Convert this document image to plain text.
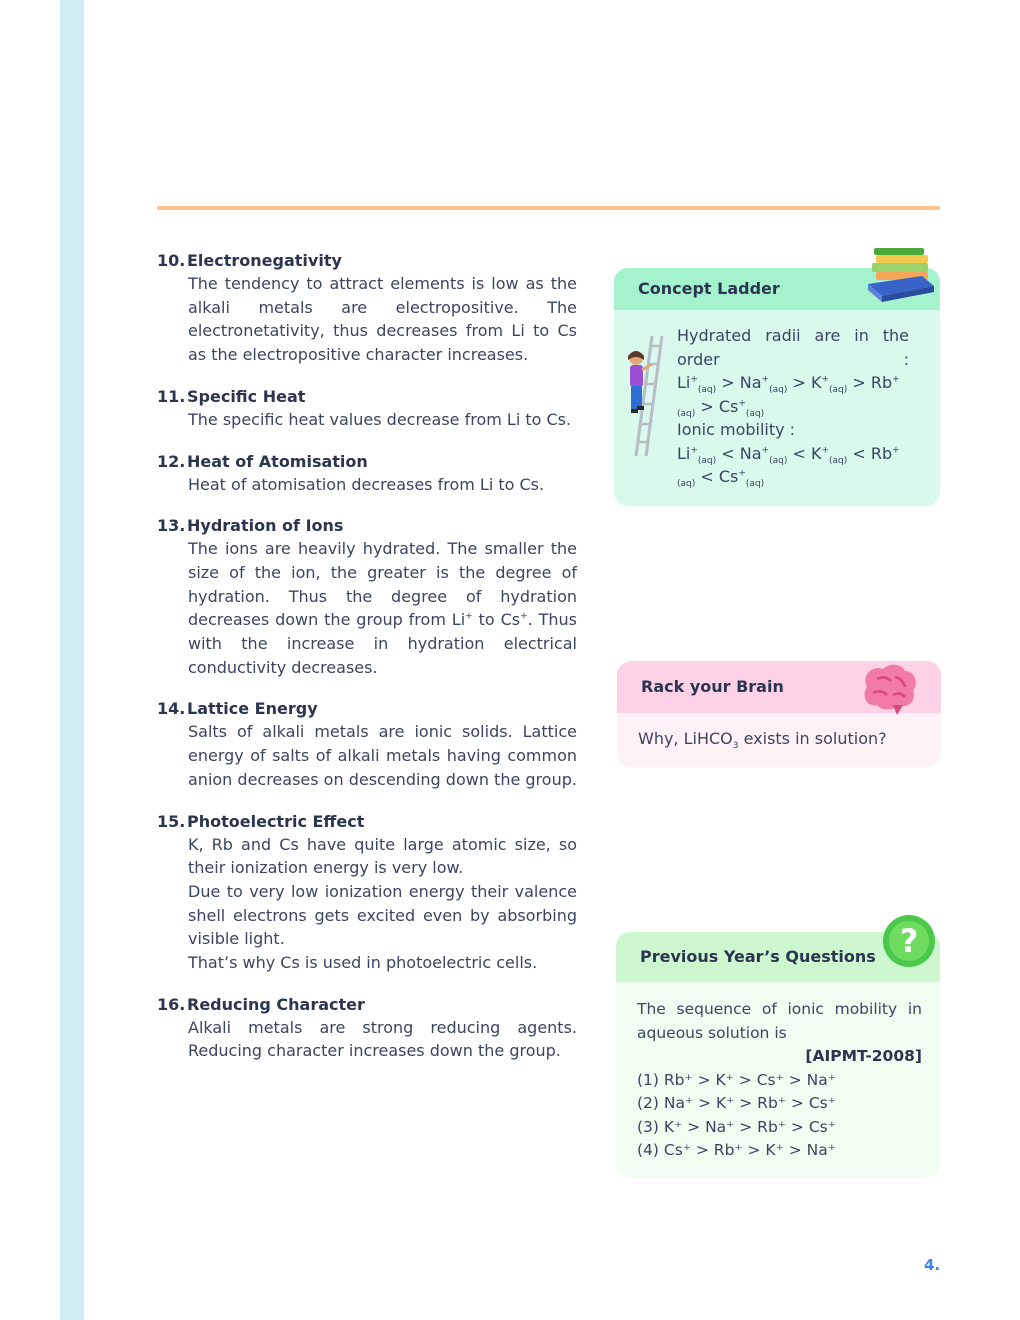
10. Electronegativity

The tendency to attract elements is low as the alkali metals are electropositive. The electronetativity, thus decreases from Li to Cs as the electropositive character increases.

11. Specific Heat

The specific heat values decrease from Li to Cs.

12. Heat of Atomisation

Heat of atomisation decreases from Li to Cs.

13. Hydration of Ions

The ions are heavily hydrated. The smaller the size of the ion, the greater is the degree of hydration. Thus the degree of hydration decreases down the group from Li+ to Cs+. Thus with the increase in hydration electrical conductivity decreases.

14. Lattice Energy

Salts of alkali metals are ionic solids. Lattice energy of salts of alkali metals having common anion decreases on descending down the group.

15. Photoelectric Effect

K, Rb and Cs have quite large atomic size, so their ionization energy is very low.

Due to very low ionization energy their valence shell electrons gets excited even by absorbing visible light.

That’s why Cs is used in photoelectric cells.

16. Reducing Character

Alkali metals are strong reducing agents. Reducing character increases down the group.

Concept Ladder

Hydrated radii are in the order :

$Li^+_{(aq)} > Na^+_{(aq)} > K^+_{(aq)} > Rb^+_{(aq)} > Cs^+_{(aq)}$

Ionic mobility :

$Li^+_{(aq)} < Na^+_{(aq)} < K^+_{(aq)} < Rb^+_{(aq)} < Cs^+_{(aq)}$

Rack your Brain
Why, LiHCO$_3$ exists in solution?
Previous Year’s Questions ?

The sequence of ionic mobility in aqueous solution is

[AIPMT-2008]

(1) Rb⁺ > K⁺ > Cs⁺ > Na⁺

(2) Na⁺ > K⁺ > Rb⁺ > Cs⁺

(3) K⁺ > Na⁺ > Rb⁺ > Cs⁺

(4) Cs⁺ > Rb⁺ > K⁺ > Na⁺

4.
